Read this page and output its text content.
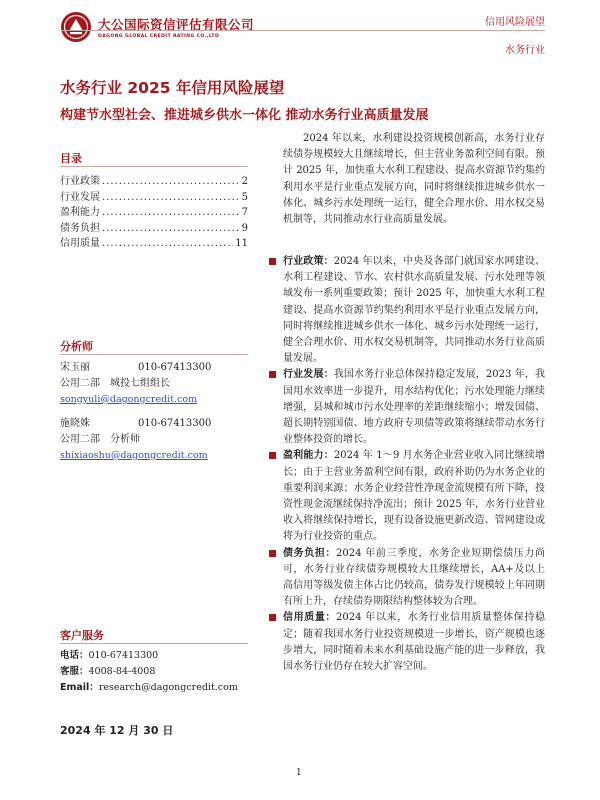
大公国际资信评估有限公司
DAGONG GLOBAL CREDIT RATING CO.,LTD
信用风险展望
水务行业
水务行业 2025 年信用风险展望
构建节水型社会、推进城乡供水一体化 推动水务行业高质量发展
目录
行业政策 .....	2
行业发展 .....	5
盈利能力 .....	7
债务负担 .....	9
信用质量 .....	11
分析师
宋玉丽	010-67413300
公用二部　城投七组组长
songyuli@dagongcredit.com
施晓姝	010-67413300
公用二部　分析师
shixiaoshu@dagongcredit.com
客户服务
电话：010-67413300
客服：4008-84-4008
Email：research@dagongcredit.com
2024 年 12 月 30 日

2024 年以来，水利建设投资规模创新高，水务行业存续债券规模较大且继续增长，但主营业务盈利空间有限。预计 2025 年，加快重大水利工程建设、提高水资源节约集约利用水平是行业重点发展方向，同时将继续推进城乡供水一体化、城乡污水处理统一运行，健全合理水价、用水权交易机制等，共同推动水行业高质量发展。

行业政策：2024 年以来，中央及各部门就国家水网建设、水利工程建设、节水、农村供水高质量发展、污水处理等领域发布一系列重要政策；预计 2025 年，加快重大水利工程建设、提高水资源节约集约利用水平是行业重点发展方向，同时将继续推进城乡供水一体化、城乡污水处理统一运行，健全合理水价、用水权交易机制等，共同推动水务行业高质量发展。
行业发展：我国水务行业总体保持稳定发展，2023 年，我国用水效率进一步提升，用水结构优化；污水处理能力继续增强，县城和城市污水处理率的差距继续缩小；增发国债、超长期特别国债、地方政府专项债等政策将继续带动水务行业整体投资的增长。
盈利能力：2024 年 1～9 月水务企业营业收入同比继续增长；由于主营业务盈利空间有限，政府补助仍为水务企业的重要利润来源；水务企业经营性净现金流规模有所下降，投资性现金流继续保持净流出；预计 2025 年，水务行业营业收入将继续保持增长，现有设备设施更新改造、管网建设或将为行业投资的重点。
债务负担：2024 年前三季度，水务企业短期偿债压力尚可，水务行业存续债券规模较大且继续增长，AA+及以上高信用等级发债主体占比仍较高，债券发行规模较上年同期有所上升，存续债券期限结构整体较为合理。
信用质量：2024 年以来，水务行业信用质量整体保持稳定；随着我国水务行业投资规模进一步增长，资产规模也逐步增大，同时随着未来水利基础设施产能的进一步释放，我国水务行业仍存在较大扩容空间。
1
